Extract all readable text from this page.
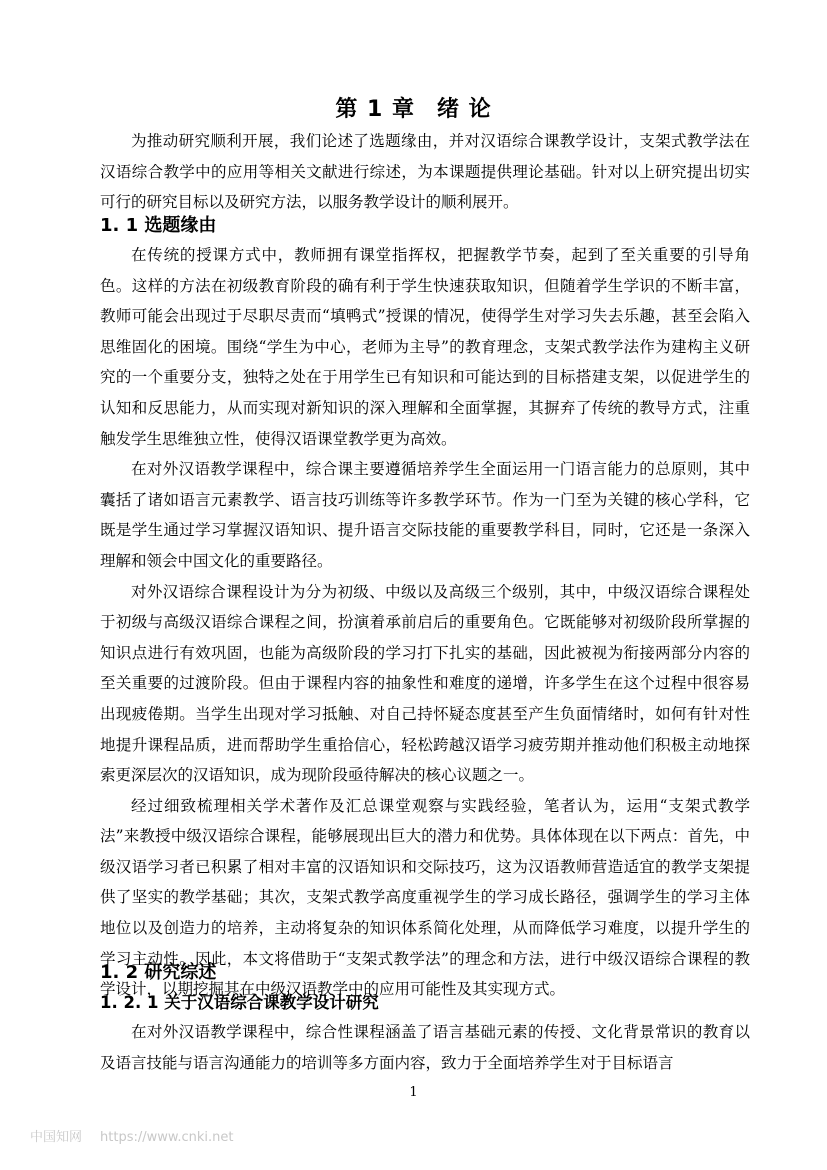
第 1 章 绪 论

为推动研究顺利开展，我们论述了选题缘由，并对汉语综合课教学设计，支架式教学法在汉语综合教学中的应用等相关文献进行综述，为本课题提供理论基础。针对以上研究提出切实可行的研究目标以及研究方法，以服务教学设计的顺利展开。

1. 1 选题缘由

在传统的授课方式中，教师拥有课堂指挥权，把握教学节奏，起到了至关重要的引导角色。这样的方法在初级教育阶段的确有利于学生快速获取知识，但随着学生学识的不断丰富，教师可能会出现过于尽职尽责而“填鸭式”授课的情况，使得学生对学习失去乐趣，甚至会陷入思维固化的困境。围绕“学生为中心，老师为主导”的教育理念，支架式教学法作为建构主义研究的一个重要分支，独特之处在于用学生已有知识和可能达到的目标搭建支架，以促进学生的认知和反思能力，从而实现对新知识的深入理解和全面掌握，其摒弃了传统的教导方式，注重触发学生思维独立性，使得汉语课堂教学更为高效。

在对外汉语教学课程中，综合课主要遵循培养学生全面运用一门语言能力的总原则，其中囊括了诸如语言元素教学、语言技巧训练等许多教学环节。作为一门至为关键的核心学科，它既是学生通过学习掌握汉语知识、提升语言交际技能的重要教学科目，同时，它还是一条深入理解和领会中国文化的重要路径。

对外汉语综合课程设计为分为初级、中级以及高级三个级别，其中，中级汉语综合课程处于初级与高级汉语综合课程之间，扮演着承前启后的重要角色。它既能够对初级阶段所掌握的知识点进行有效巩固，也能为高级阶段的学习打下扎实的基础，因此被视为衔接两部分内容的至关重要的过渡阶段。但由于课程内容的抽象性和难度的递增，许多学生在这个过程中很容易出现疲倦期。当学生出现对学习抵触、对自己持怀疑态度甚至产生负面情绪时，如何有针对性地提升课程品质，进而帮助学生重拾信心，轻松跨越汉语学习疲劳期并推动他们积极主动地探索更深层次的汉语知识，成为现阶段亟待解决的核心议题之一。

经过细致梳理相关学术著作及汇总课堂观察与实践经验，笔者认为，运用“支架式教学法”来教授中级汉语综合课程，能够展现出巨大的潜力和优势。具体体现在以下两点：首先，中级汉语学习者已积累了相对丰富的汉语知识和交际技巧，这为汉语教师营造适宜的教学支架提供了坚实的教学基础；其次，支架式教学高度重视学生的学习成长路径，强调学生的学习主体地位以及创造力的培养，主动将复杂的知识体系简化处理，从而降低学习难度，以提升学生的学习主动性。因此，本文将借助于“支架式教学法”的理念和方法，进行中级汉语综合课程的教学设计，以期挖掘其在中级汉语教学中的应用可能性及其实现方式。

1. 2 研究综述
1. 2. 1 关于汉语综合课教学设计研究

在对外汉语教学课程中，综合性课程涵盖了语言基础元素的传授、文化背景常识的教育以及语言技能与语言沟通能力的培训等多方面内容，致力于全面培养学生对于目标语言

1
中国知网 https://www.cnki.net
